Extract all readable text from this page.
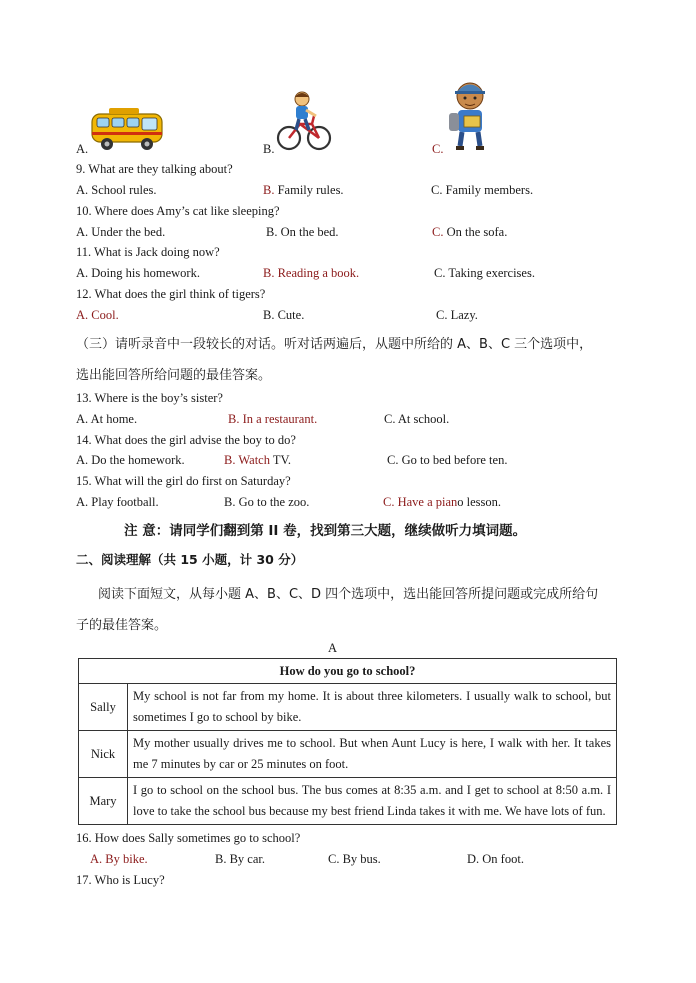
A.	B.	C.
9. What are they talking about?
A. School rules.	B. Family rules.	C. Family members.
10. Where does Amy’s cat like sleeping?
A. Under the bed.	B. On the bed.	C. On the sofa.
11. What is Jack doing now?
A. Doing his homework.	B. Reading a book.	C. Taking exercises.
12. What does the girl think of tigers?
A. Cool.	B. Cute.	C. Lazy.
（三）请听录音中一段较长的对话。听对话两遍后，从题中所给的 A、B、C 三个选项中，
选出能回答所给问题的最佳答案。
13. Where is the boy’s sister?
A. At home.	B. In a restaurant.	C. At school.
14. What does the girl advise the boy to do?
A. Do the homework.	B. Watch TV.	C. Go to bed before ten.
15. What will the girl do first on Saturday?
A. Play football.	B. Go to the zoo.	C. Have a piano lesson.
注 意：请同学们翻到第 II 卷，找到第三大题，继续做听力填词题。
二、阅读理解（共 15 小题，计 30 分）
阅读下面短文，从每小题 A、B、C、D 四个选项中，选出能回答所提问题或完成所给句
子的最佳答案。
A
How do you go to school?	
Sally	My school is not far from my home. It is about three kilometers. I usually walk to school, but sometimes I go to school by bike.
Nick	My mother usually drives me to school. But when Aunt Lucy is here, I walk with her. It takes me 7 minutes by car or 25 minutes on foot.
Mary	I go to school on the school bus. The bus comes at 8:35 a.m. and I get to school at 8:50 a.m. I love to take the school bus because my best friend Linda takes it with me. We have lots of fun.
16. How does Sally sometimes go to school?
A. By bike.	B. By car.	C. By bus.	D. On foot.
17. Who is Lucy?
